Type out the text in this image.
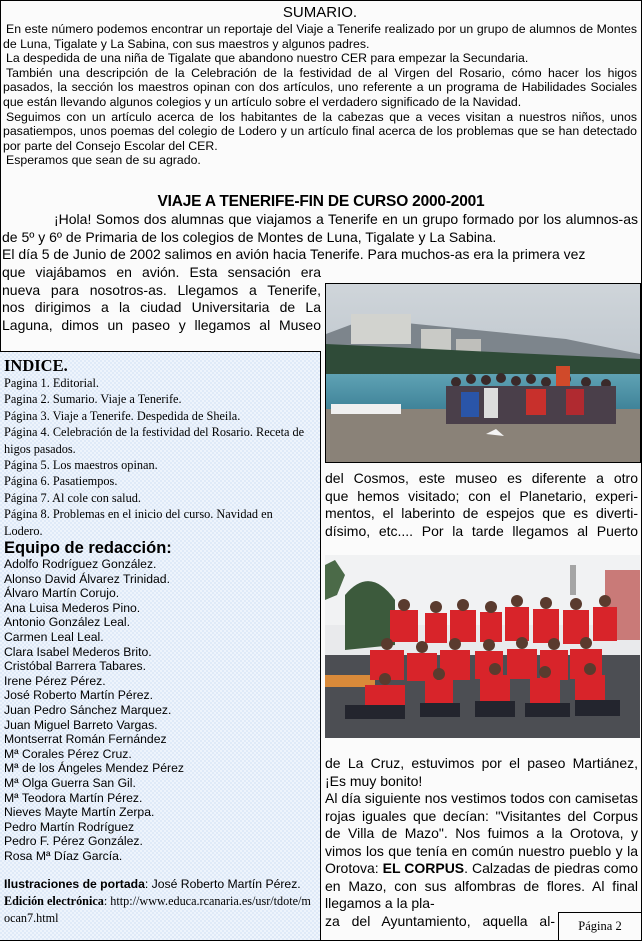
SUMARIO.

En este número podemos encontrar un reportaje del Viaje a Tenerife realizado por un grupo de alumnos de Montes de Luna, Tigalate y La Sabina, con sus maestros y algunos padres.

La despedida de una niña de Tigalate que abandono nuestro CER para empezar la Secundaria.

También una descripción de la Celebración de la festividad de al Virgen del Rosario, cómo hacer los higos pasados, la sección los maestros opinan con dos artículos, uno referente a un programa de Habilidades Sociales que están llevando algunos colegios y un artículo sobre el verdadero significado de la Navidad.

Seguimos con un artículo acerca de los habitantes de la cabezas que a veces visitan a nuestros niños, unos pasatiempos, unos poemas del colegio de Lodero y un artículo final acerca de los problemas que se han detectado por parte del Consejo Escolar del CER.

Esperamos que sean de su agrado.

VIAJE A TENERIFE-FIN DE CURSO 2000-2001

¡Hola! Somos dos alumnas que viajamos a Tenerife en un grupo formado por los alumnos-as de 5º y 6º de Primaria de los colegios de Montes de Luna, Tigalate y La Sabina.

El día 5 de Junio de 2002 salimos en avión hacia Tenerife. Para muchos-as era la primera vez

que viajábamos en avión. Esta sensación era

nueva para nosotros-as. Llegamos a Tenerife,

nos dirigimos a la ciudad Universitaria de La

Laguna, dimos un paseo y llegamos al Museo

del Cosmos, este museo es diferente a otro

que hemos visitado; con el Planetario, experi-

mentos, el laberinto de espejos que es diverti-

dísimo, etc.... Por la tarde llegamos al Puerto

de La Cruz, estuvimos por el paseo Martiánez,

¡Es muy bonito!

Al día siguiente nos vestimos todos con camisetas rojas iguales que decían: "Visitantes del Corpus de Villa de Mazo". Nos fuimos a la Orotova, y vimos los que tenía en común nuestro pueblo y la Orotova: EL CORPUS. Calzadas de piedras como en Mazo, con sus alfombras de flores. Al final llegamos a la pla-

za del Ayuntamiento, aquella al-

INDICE.
Pagina 1. Editorial.
Pagina 2. Sumario. Viaje a Tenerife.
Página 3. Viaje a Tenerife. Despedida de Sheila.
Página 4. Celebración de la festividad del Rosario. Receta de higos pasados.
Página 5. Los maestros opinan.
Página 6. Pasatiempos.
Página 7. Al cole con salud.
Página 8. Problemas en el inicio del curso. Navidad en Lodero.
Equipo de redacción:
Adolfo Rodríguez González.
Alonso David Álvarez Trinidad.
Álvaro Martín Corujo.
Ana Luisa Mederos Pino.
Antonio González Leal.
Carmen Leal Leal.
Clara Isabel Mederos Brito.
Cristóbal Barrera Tabares.
Irene Pérez Pérez.
José Roberto Martín Pérez.
Juan Pedro Sánchez Marquez.
Juan Miguel Barreto Vargas.
Montserrat Román Fernández
Mª Corales Pérez Cruz.
Mª de los Ángeles Mendez Pérez
Mª Olga Guerra San Gil.
Mª Teodora Martín Pérez.
Nieves Mayte Martín Zerpa.
Pedro Martín Rodríguez
Pedro F. Pérez González.
Rosa Mª Díaz García.
Ilustraciones de portada: José Roberto Martín Pérez.
Edición electrónica: http://www.educa.rcanaria.es/usr/tdote/mocan7.html
Página 2
